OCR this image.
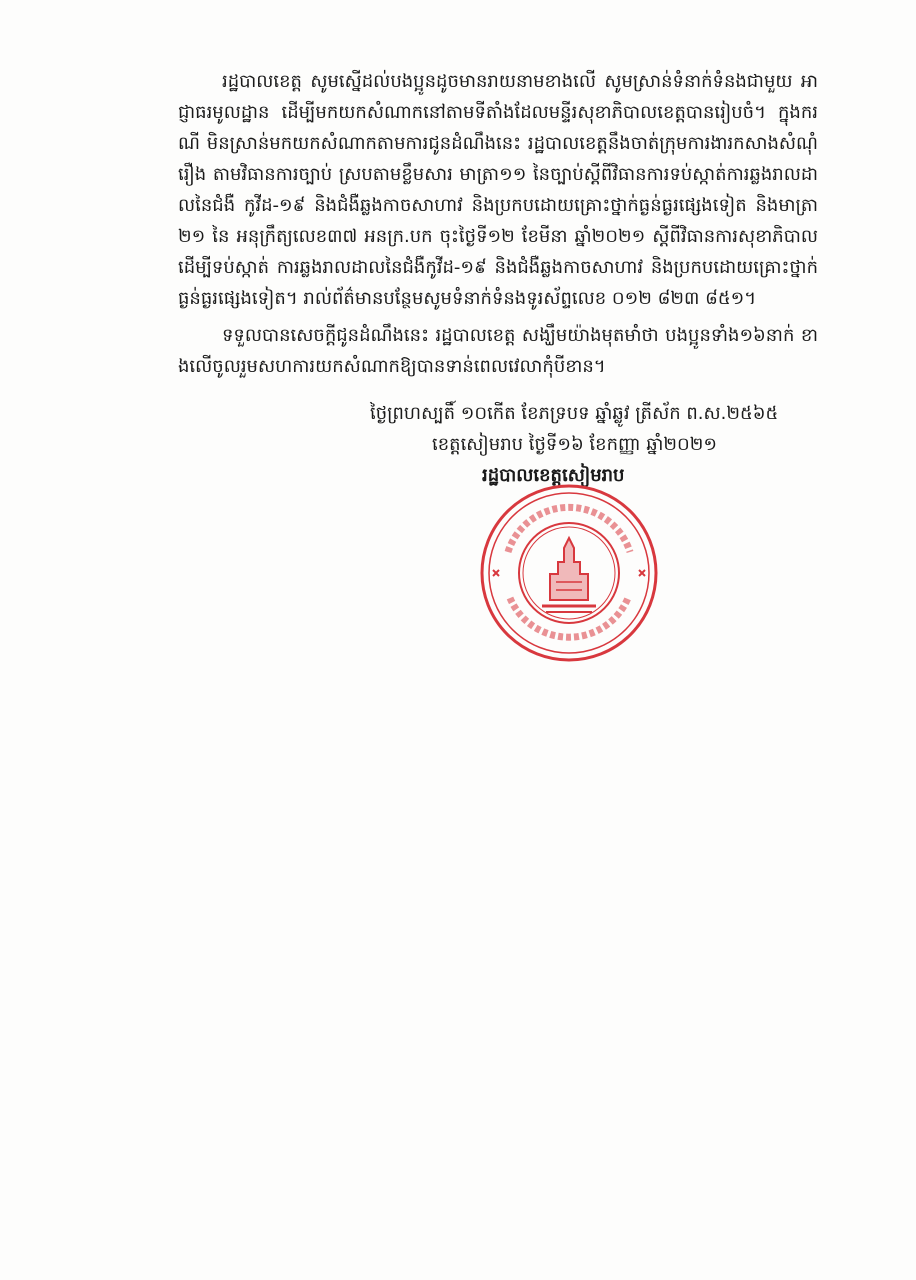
រដ្ឋបាលខេត្ត សូមស្នើដល់បងប្អូនដូចមានរាយនាមខាងលើ សូមស្រាន់ទំនាក់ទំនងជាមួយ អាជ្ញាធរមូលដ្ឋាន ដើម្បីមកយកសំណាកនៅតាមទីតាំងដែលមន្ទីរសុខាភិបាលខេត្តបានរៀបចំ។ ក្នុងករណី មិនស្រាន់មកយកសំណាកតាមការជូនដំណឹងនេះ រដ្ឋបាលខេត្តនឹងចាត់ក្រុមការងារកសាងសំណុំរឿង តាមវិធានការច្បាប់ ស្របតាមខ្លឹមសារ មាត្រា១១ នៃច្បាប់ស្តីពីវិធានការទប់ស្កាត់ការឆ្លងរាលដាលនៃជំងឺ កូវីដ-១៩ និងជំងឺឆ្លងកាចសាហាវ និងប្រកបដោយគ្រោះថ្នាក់ធ្ងន់ធ្ងរផ្សេងទៀត និងមាត្រា២១ នៃ អនុក្រឹត្យលេខ៣៧ អនក្រ.បក ចុះថ្ងៃទី១២ ខែមីនា ឆ្នាំ២០២១ ស្តីពីវិធានការសុខាភិបាល ដើម្បីទប់ស្កាត់ ការឆ្លងរាលដាលនៃជំងឺកូវីដ-១៩ និងជំងឺឆ្លងកាចសាហាវ និងប្រកបដោយគ្រោះថ្នាក់ធ្ងន់ធ្ងរផ្សេងទៀត។ រាល់ព័ត៌មានបន្ថែមសូមទំនាក់ទំនងទូរស័ព្ទលេខ ០១២ ៨២៣ ៨៥១។

ទទួលបានសេចក្តីជូនដំណឹងនេះ រដ្ឋបាលខេត្ត សង្ឃឹមយ៉ាងមុតមាំថា បងប្អូនទាំង១៦នាក់ ខាងលើចូលរួមសហការយកសំណាកឱ្យបានទាន់ពេលវេលាកុំបីខាន។

ថ្ងៃព្រហស្បតិ៍ ១០កើត ខែភទ្របទ ឆ្នាំឆ្លូវ ត្រីស័ក ព.ស.២៥៦៥
ខេត្តសៀមរាប ថ្ងៃទី១៦ ខែកញ្ញា ឆ្នាំ២០២១
រដ្ឋបាលខេត្តសៀមរាប
